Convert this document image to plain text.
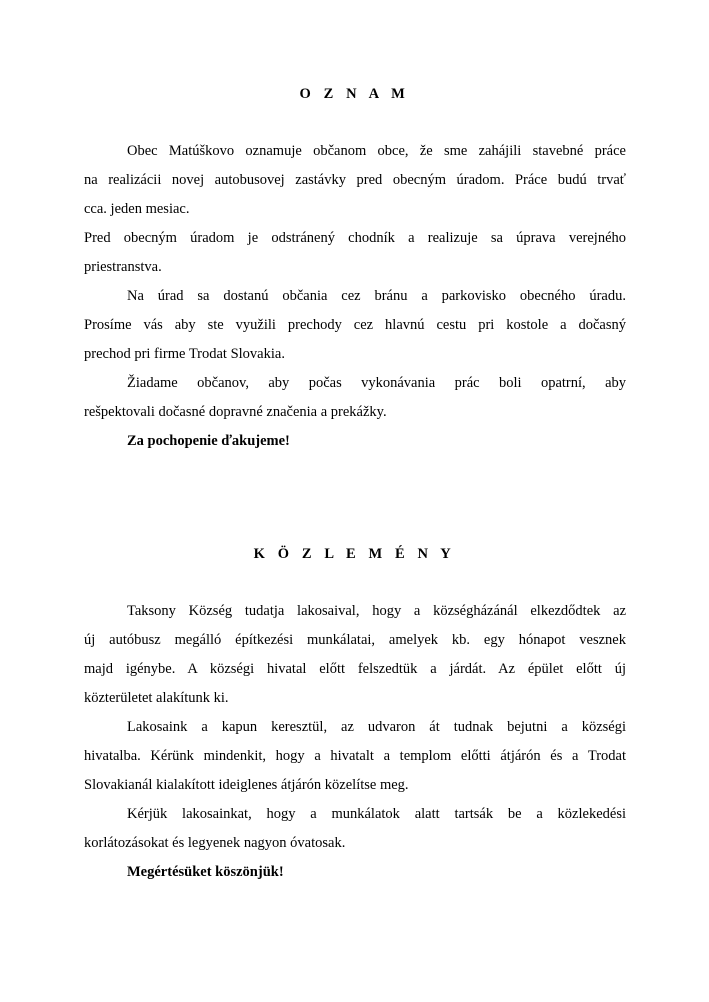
O Z N A M

Obec Matúškovo oznamuje občanom obce, že sme zahájili stavebné práce
na realizácii novej autobusovej zastávky pred obecným úradom. Práce budú trvať
cca. jeden mesiac.

Pred obecným úradom je odstránený chodník a realizuje sa úprava verejného
priestranstva.

Na úrad sa dostanú občania cez bránu a parkovisko obecného úradu.
Prosíme vás aby ste využili prechody cez hlavnú cestu pri kostole a dočasný
prechod pri firme Trodat Slovakia.

Žiadame občanov, aby počas vykonávania prác boli opatrní, aby
rešpektovali dočasné dopravné značenia a prekážky.

Za pochopenie ďakujeme!

K Ö Z L E M É N Y

Taksony Község tudatja lakosaival, hogy a községházánál elkezdődtek az
új autóbusz megálló építkezési munkálatai, amelyek kb. egy hónapot vesznek
majd igénybe. A községi hivatal előtt felszedtük a járdát. Az épület előtt új
közterületet alakítunk ki.

Lakosaink a kapun keresztül, az udvaron át tudnak bejutni a községi
hivatalba. Kérünk mindenkit, hogy a hivatalt a templom előtti átjárón és a Trodat
Slovakianál kialakított ideiglenes átjárón közelítse meg.

Kérjük lakosainkat, hogy a munkálatok alatt tartsák be a közlekedési
korlátozásokat és legyenek nagyon óvatosak.

Megértésüket köszönjük!
